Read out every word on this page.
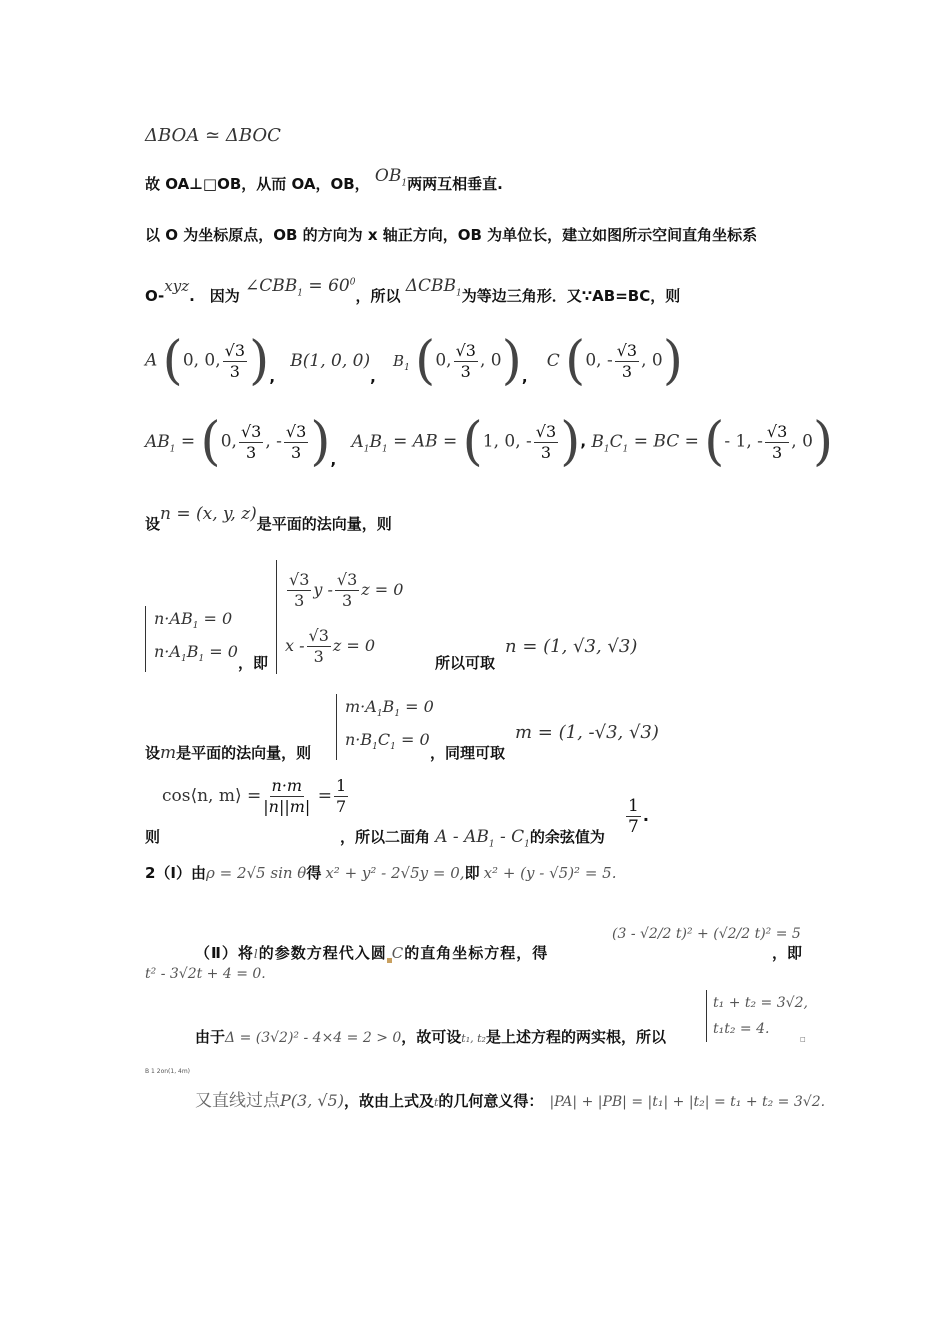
ΔBOA ≃ ΔBOC
故 OA⊥□OB，从而 OA，OB， $OB_1$两两互相垂直.
以 O 为坐标原点，OB 的方向为 x 轴正方向，OB 为单位长，建立如图所示空间直角坐标系
O-xyz.　因为 $\angle CBB_1 = 60^0$，所以 $\Delta CBB_1$为等边三角形．又∵AB=BC，则
A (0, 0, $\frac{√3}{3}$ ), B(1, 0, 0), $B_1$ (0, $\frac{√3}{3}$ , 0), C (0, - $\frac{√3}{3}$ , 0)
$AB_1 = (0$, $\frac{√3}{3}$ , - $\frac{√3}{3}$ ), $A_1B_1$ = AB = (1, 0, - $\frac{√3}{3}$ ), $B_1C_1$ = BC = (- 1, - $\frac{√3}{3}$ , 0)
设n = (x, y, z)是平面的法向量，则
$n\cdot AB_1 = 0$
$n\cdot A_1B_1 = 0$
，即
$\frac{√3}{3}$ y - $\frac{√3}{3}$ z = 0
x - $\frac{√3}{3}$ z = 0
所以可取
n = (1, √3, √3)
$m\cdot A_1B_1 = 0$
$n\cdot B_1C_1 = 0$
设m是平面的法向量，则	，同理可取
m = (1, -√3, √3)
则
cos⟨n, m⟩ = $\frac{n\cdot m}{|n||m|} = \frac{1}{7}$
，所以二面角 A - $AB_1 - C_1$的余弦值为 $\frac{1}{7}$ .
2（Ⅰ）由ρ = 2√5 sin θ得 x² + y² - 2√5y = 0,即 x² + (y - √5)² = 5.
（Ⅱ）将l的参数方程代入圆 C的直角坐标方程，得
(3 - √2/2 t)² + (√2/2 t)² = 5
，即
t² - 3√2t + 4 = 0.
由于Δ = (3√2)² - 4×4 = 2 > 0，故可设t₁, t₂是上述方程的两实根，所以
t₁ + t₂ = 3√2,
t₁t₂ = 4.
□
B 1 2on(1, 4m)
又直线过点P(3, √5)，故由上式及t的几何意义得： |PA| + |PB| = |t₁| + |t₂| = t₁ + t₂ = 3√2.
